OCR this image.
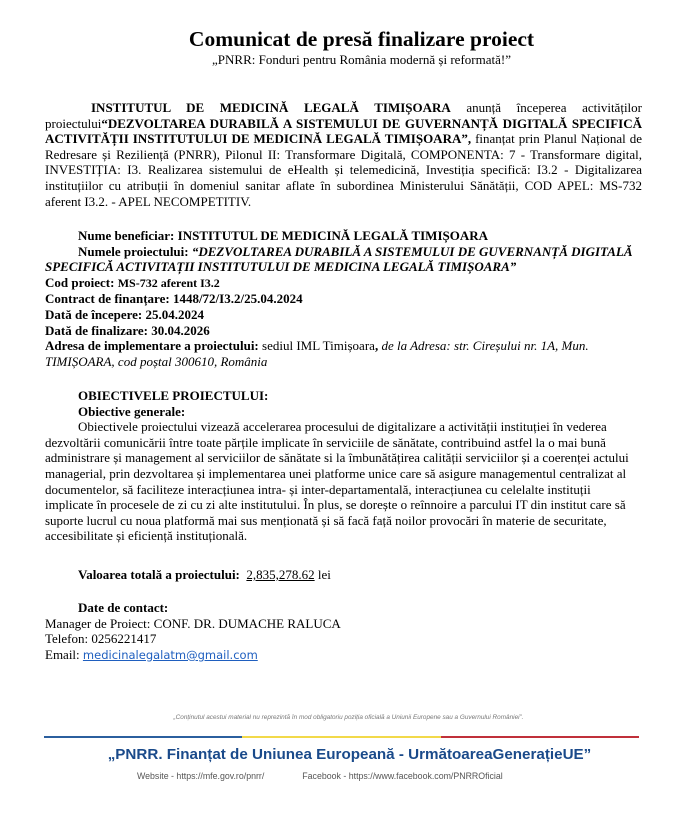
Comunicat de presă finalizare proiect
„PNRR: Fonduri pentru România modernă și reformată!”
INSTITUTUL DE MEDICINĂ LEGALĂ TIMIȘOARA anunță începerea activităților proiectului“DEZVOLTAREA DURABILĂ A SISTEMULUI DE GUVERNANȚĂ DIGITALĂ SPECIFICĂ ACTIVITĂȚII INSTITUTULUI DE MEDICINĂ LEGALĂ TIMIȘOARA”, finanțat prin Planul Național de Redresare și Reziliență (PNRR), Pilonul II: Transformare Digitală, COMPONENTA: 7 - Transformare digital, INVESTIȚIA: I3. Realizarea sistemului de eHealth și telemedicină, Investiția specifică: I3.2 - Digitalizarea instituțiilor cu atribuții în domeniul sanitar aflate în subordinea Ministerului Sănătății, COD APEL: MS-732 aferent I3.2. - APEL NECOMPETITIV.
Nume beneficiar: INSTITUTUL DE MEDICINĂ LEGALĂ TIMIȘOARA
Numele proiectului: “DEZVOLTAREA DURABILĂ A SISTEMULUI DE GUVERNANȚĂ DIGITALĂ SPECIFICĂ ACTIVITAȚII INSTITUTULUI DE MEDICINA LEGALĂ TIMIȘOARA”
Cod proiect: MS-732 aferent I3.2
Contract de finanțare: 1448/72/I3.2/25.04.2024
Dată de începere: 25.04.2024
Dată de finalizare: 30.04.2026
Adresa de implementare a proiectului: sediul IML Timișoara, de la Adresa: str. Cireșului nr. 1A, Mun. TIMIȘOARA, cod poștal 300610, România
OBIECTIVELE PROIECTULUI:
Obiective generale:
Obiectivele proiectului vizează accelerarea procesului de digitalizare a activității instituției în vederea dezvoltării comunicării între toate părțile implicate în serviciile de sănătate, contribuind astfel la o mai bună administrare și management al serviciilor de sănătate si la îmbunătățirea calității serviciilor și a coerenței actului managerial, prin dezvoltarea și implementarea unei platforme unice care să asigure managementul centralizat al documentelor, să faciliteze interacțiunea intra- și inter-departamentală, interacțiunea cu celelalte instituții implicate în procesele de zi cu zi alte institutului. În plus, se dorește o reînnoire a parcului IT din institut care să suporte lucrul cu noua platformă mai sus menționată și să facă față noilor provocări în materie de securitate, accesibilitate și eficiență instituțională.
Valoarea totală a proiectului: 2,835,278.62 lei
Date de contact:
Manager de Proiect: CONF. DR. DUMACHE RALUCA
Telefon: 0256221417
Email: medicinalegalatm@gmail.com
„Conținutul acestui material nu reprezintă în mod obligatoriu poziția oficială a Uniunii Europene sau a Guvernului României”.
„PNRR. Finanțat de Uniunea Europeană - UrmătoareaGenerațieUE”
Website - https://mfe.gov.ro/pnrr/	Facebook - https://www.facebook.com/PNRROficial
